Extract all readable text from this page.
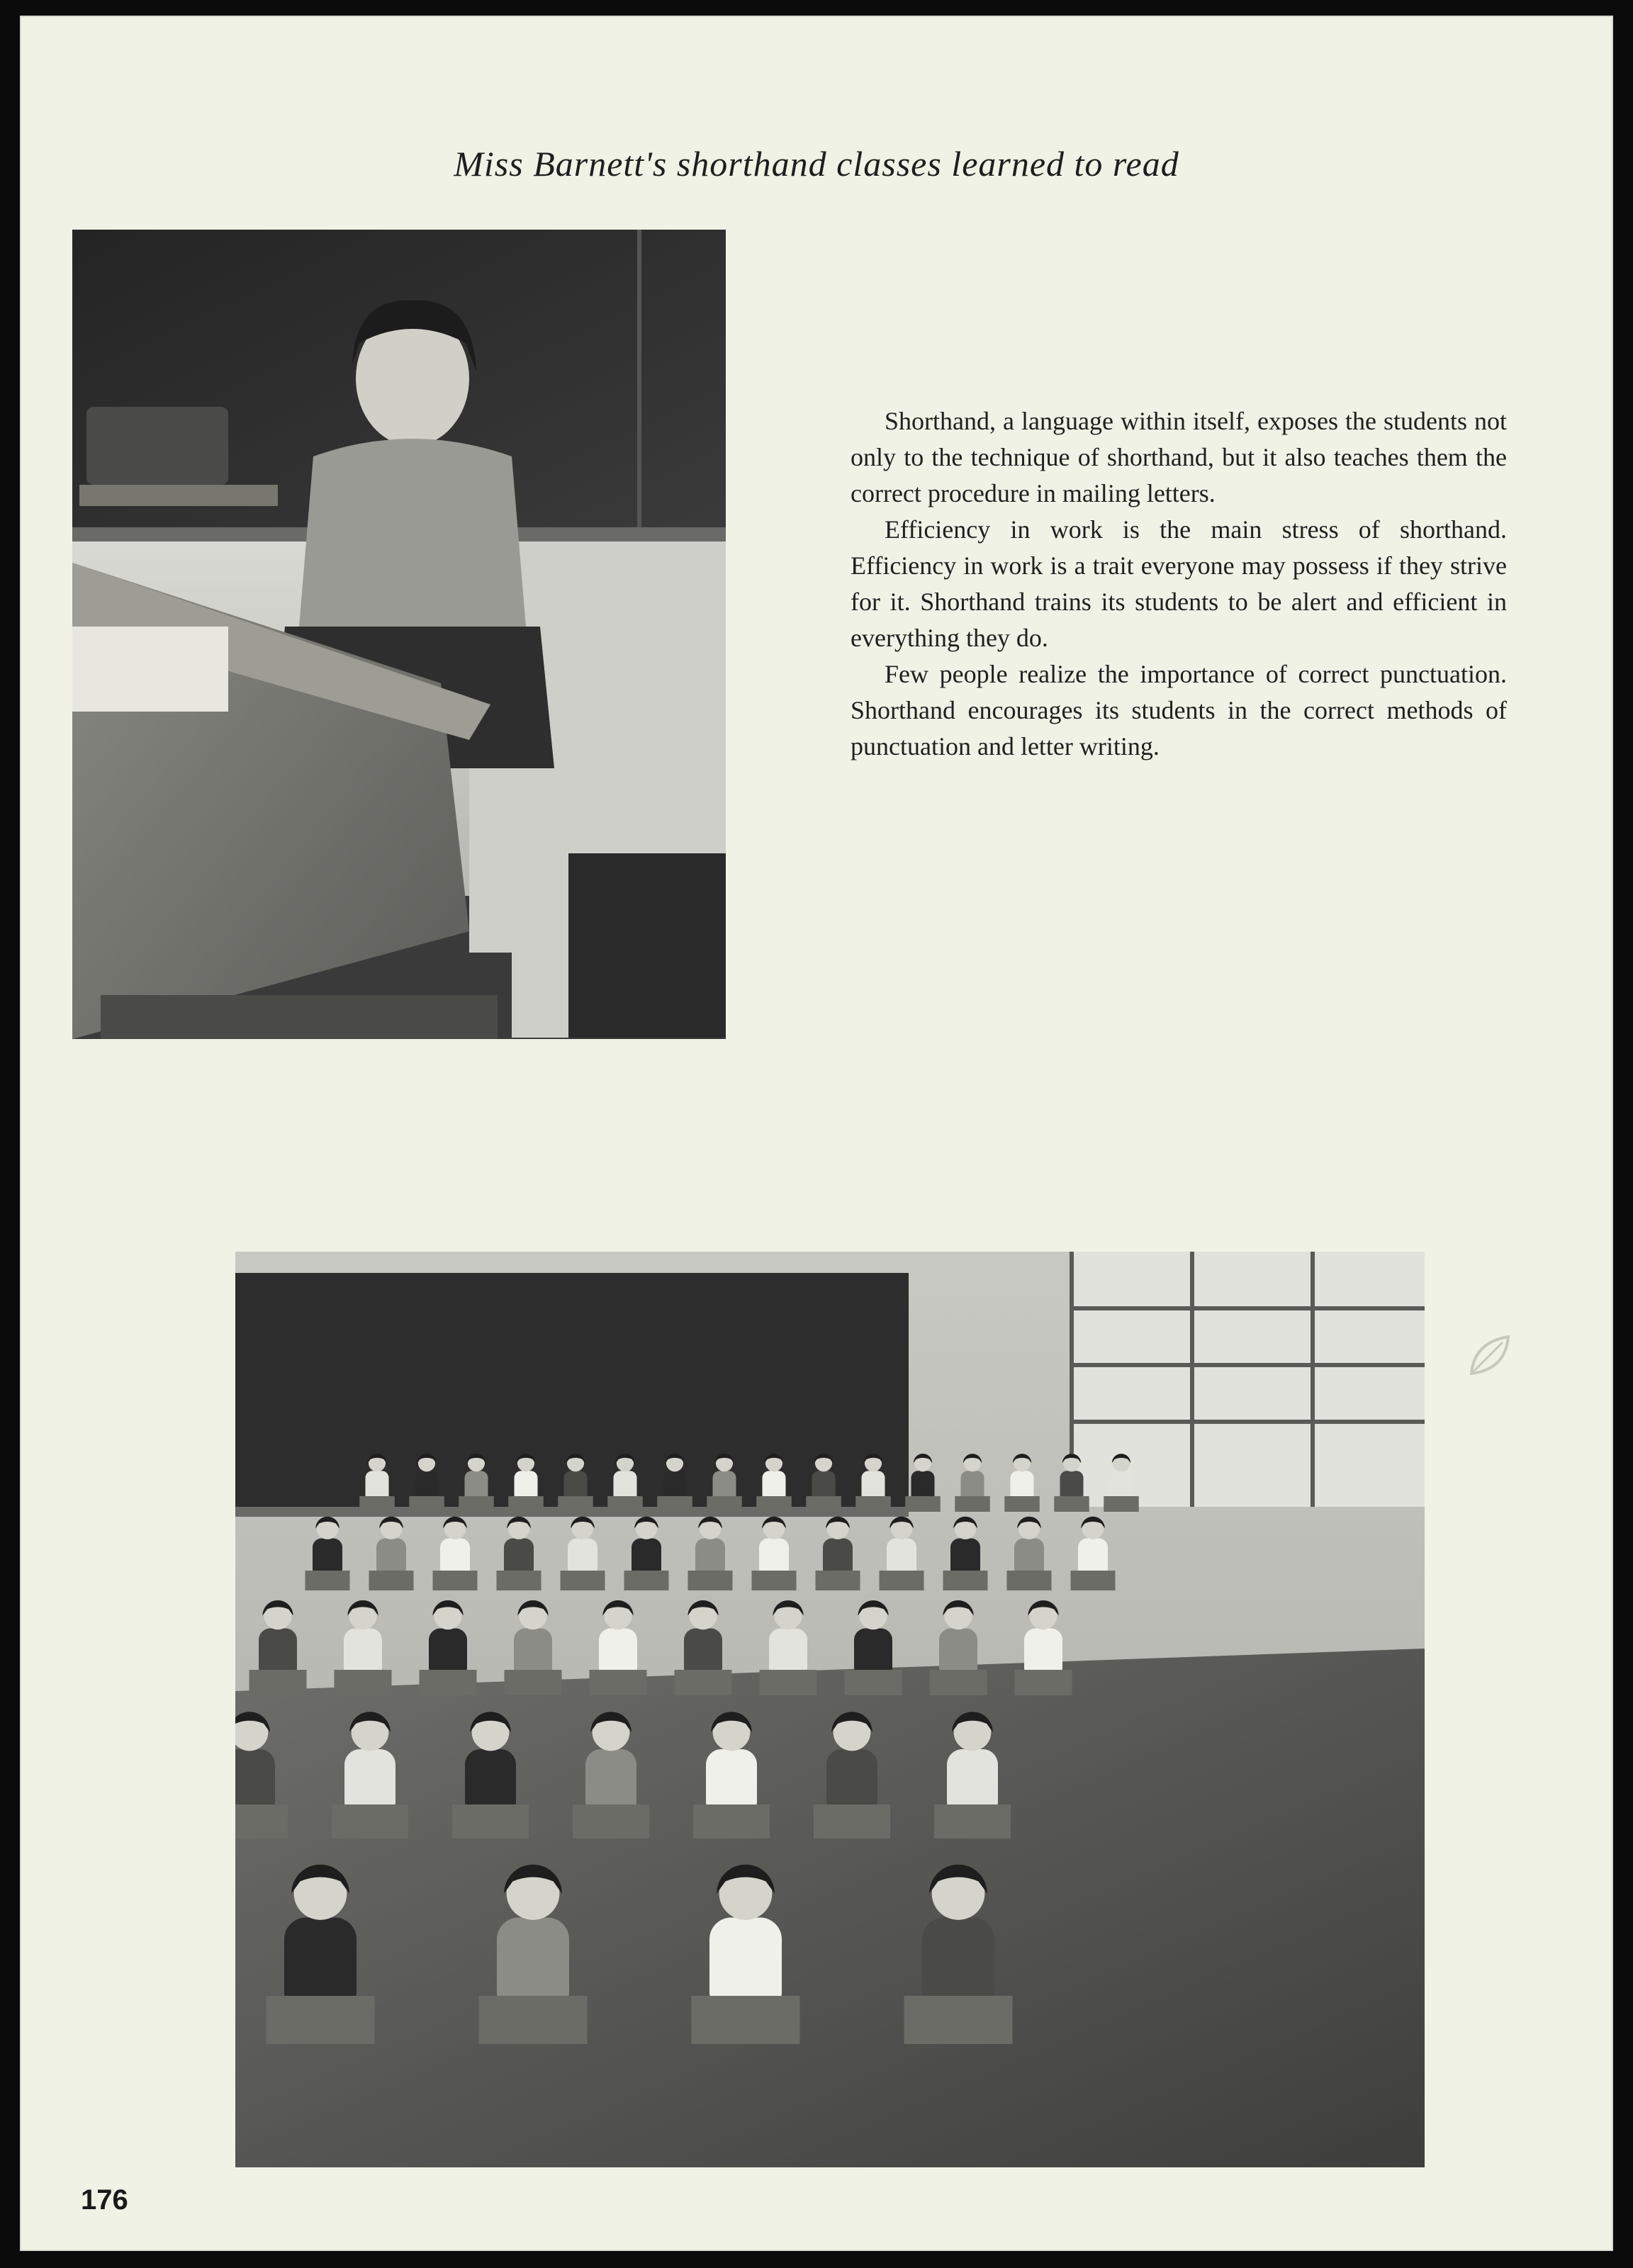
Miss Barnett's shorthand classes learned to read

Shorthand, a language within itself, exposes the students not only to the technique of shorthand, but it also teaches them the correct procedure in mailing letters.

Efficiency in work is the main stress of shorthand. Efficiency in work is a trait everyone may possess if they strive for it. Shorthand trains its students to be alert and efficient in everything they do.

Few people realize the importance of correct punctuation. Shorthand encourages its students in the correct methods of punctuation and letter writing.

176
